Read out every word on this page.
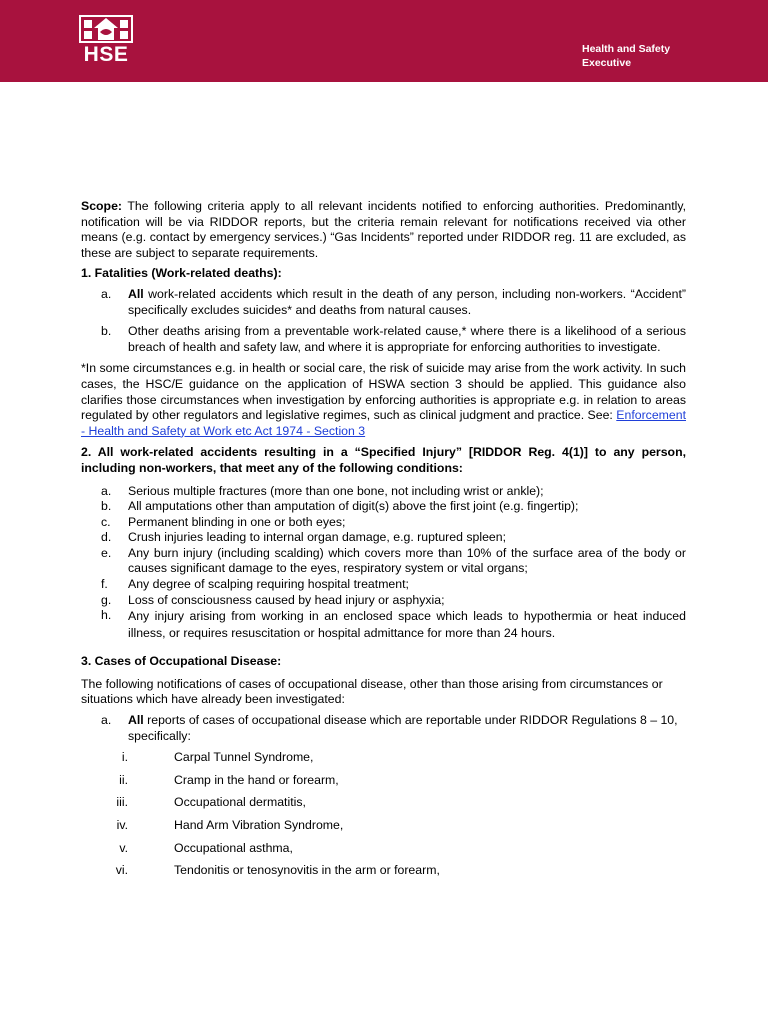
HSE	Health and Safety
Executive

Scope: The following criteria apply to all relevant incidents notified to enforcing authorities. Predominantly, notification will be via RIDDOR reports, but the criteria remain relevant for notifications received via other means (e.g. contact by emergency services.) “Gas Incidents” reported under RIDDOR reg. 11 are excluded, as these are subject to separate requirements.

1. Fatalities (Work-related deaths):

a.	All work-related accidents which result in the death of any person, including non-workers. “Accident” specifically excludes suicides* and deaths from natural causes.

b.	Other deaths arising from a preventable work-related cause,* where there is a likelihood of a serious breach of health and safety law, and where it is appropriate for enforcing authorities to investigate.

*In some circumstances e.g. in health or social care, the risk of suicide may arise from the work activity. In such cases, the HSC/E guidance on the application of HSWA section 3 should be applied. This guidance also clarifies those circumstances when investigation by enforcing authorities is appropriate e.g. in relation to areas regulated by other regulators and legislative regimes, such as clinical judgment and practice. See: Enforcement - Health and Safety at Work etc Act 1974 - Section 3

2. All work-related accidents resulting in a “Specified Injury” [RIDDOR Reg. 4(1)] to any person, including non-workers, that meet any of the following conditions:

a.	Serious multiple fractures (more than one bone, not including wrist or ankle);

b.	All amputations other than amputation of digit(s) above the first joint (e.g. fingertip);

c.	Permanent blinding in one or both eyes;

d.	Crush injuries leading to internal organ damage, e.g. ruptured spleen;

e.	Any burn injury (including scalding) which covers more than 10% of the surface area of the body or causes significant damage to the eyes, respiratory system or vital organs;

f.	Any degree of scalping requiring hospital treatment;

g.	Loss of consciousness caused by head injury or asphyxia;

h.	Any injury arising from working in an enclosed space which leads to hypothermia or heat induced illness, or requires resuscitation or hospital admittance for more than 24 hours.

3. Cases of Occupational Disease:

The following notifications of cases of occupational disease, other than those arising from circumstances or situations which have already been investigated:

a.	All reports of cases of occupational disease which are reportable under RIDDOR Regulations 8 – 10, specifically:

i.	Carpal Tunnel Syndrome,

ii.	Cramp in the hand or forearm,

iii.	Occupational dermatitis,

iv.	Hand Arm Vibration Syndrome,

v.	Occupational asthma,

vi.	Tendonitis or tenosynovitis in the arm or forearm,
